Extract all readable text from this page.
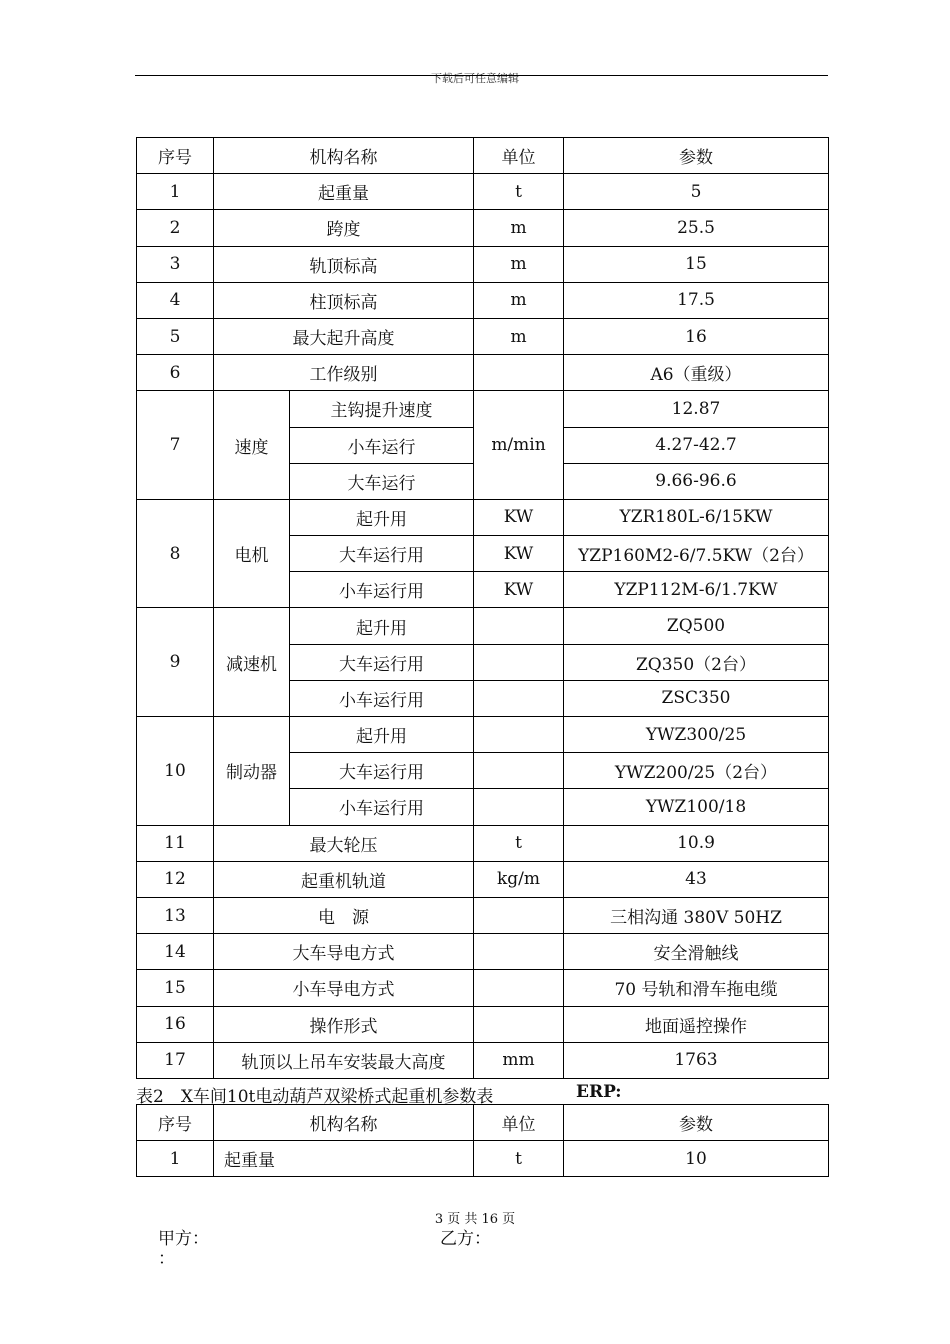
下载后可任意编辑
序号	机构名称		单位	参数
1	起重量		t	5
2	跨度		m	25.5
3	轨顶标高		m	15
4	柱顶标高		m	17.5
5	最大起升高度		m	16
6	工作级别			A6（重级）
7	速度	主钩提升速度	m/min	12.87
		小车运行		4.27-42.7
		大车运行		9.66-96.6
8	电机	起升用	KW	YZR180L-6/15KW
		大车运行用	KW	YZP160M2-6/7.5KW（2台）
		小车运行用	KW	YZP112M-6/1.7KW
9	减速机	起升用		ZQ500
		大车运行用		ZQ350（2台）
		小车运行用		ZSC350
10	制动器	起升用		YWZ300/25
		大车运行用		YWZ200/25（2台）
		小车运行用		YWZ100/18
11	最大轮压		t	10.9
12	起重机轨道		kg/m	43
13	电　源			三相沟通 380V 50HZ
14	大车导电方式			安全滑触线
15	小车导电方式			70 号轨和滑车拖电缆
16	操作形式			地面遥控操作
17	轨顶以上吊车安装最大高度		mm	1763
表2　X车间10t电动葫芦双梁桥式起重机参数表	ERP:
序号	机构名称	单位	参数
1	起重量	t	10
3 页 共 16 页
甲方：
：
乙方：
